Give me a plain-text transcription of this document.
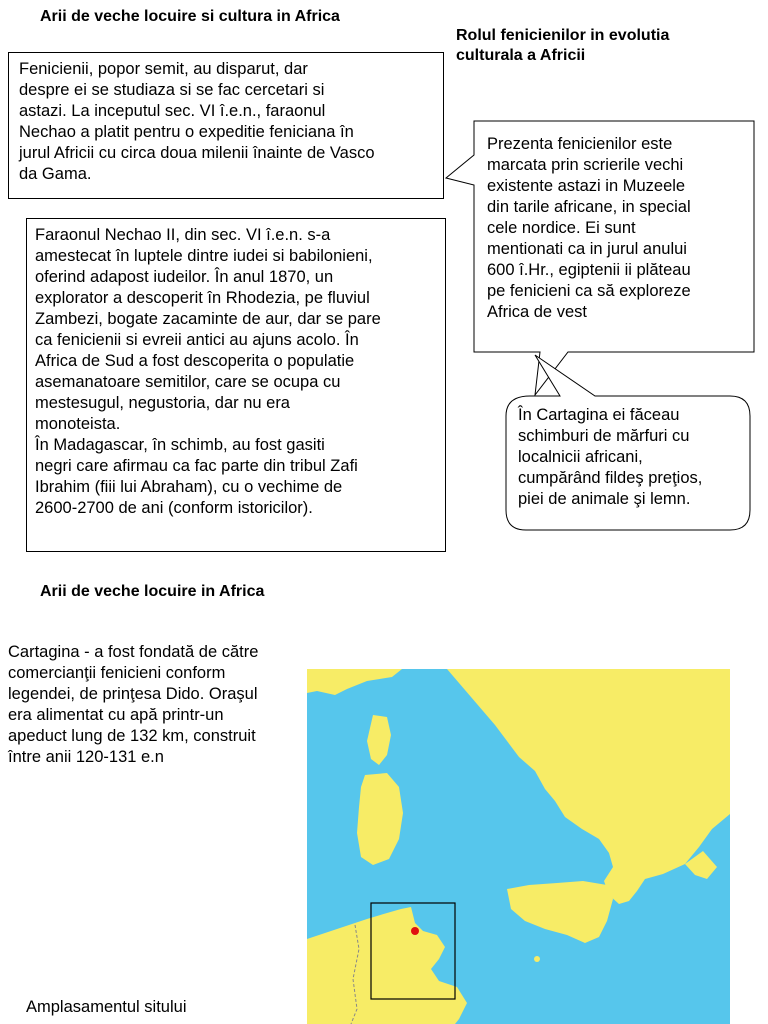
Arii de veche locuire si cultura in Africa
Rolul fenicienilor in evolutia
culturala a Africii
Fenicienii, popor semit, au disparut, dar
despre ei se studiaza si se fac cercetari si
astazi. La inceputul sec. VI î.e.n., faraonul
Nechao a platit pentru o expeditie feniciana în
jurul Africii cu circa doua milenii înainte de Vasco
da Gama.
Faraonul Nechao II, din sec. VI î.e.n. s-a
amestecat în luptele dintre iudei si babilonieni,
oferind adapost iudeilor. În anul 1870, un
explorator a descoperit în Rhodezia, pe fluviul
Zambezi, bogate zacaminte de aur, dar se pare
ca fenicienii si evreii antici au ajuns acolo. În
Africa de Sud a fost descoperita o populatie
asemanatoare semitilor, care se ocupa cu
mestesugul, negustoria, dar nu era
monoteista.
În Madagascar, în schimb, au fost gasiti
negri care afirmau ca fac parte din tribul Zafi
Ibrahim (fiii lui Abraham), cu o vechime de
2600-2700 de ani (conform istoricilor).
Prezenta fenicienilor este
marcata prin scrierile vechi
existente astazi in Muzeele
din tarile africane, in special
cele nordice. Ei sunt
mentionati ca in jurul anului
600 î.Hr., egiptenii ii plăteau
pe fenicieni ca să exploreze
Africa de vest
În Cartagina ei făceau
schimburi de mărfuri cu
localnicii africani,
cumpărând fildeş preţios,
piei de animale şi lemn.
Arii de veche locuire in Africa
Cartagina - a fost fondată de către
comercianţii fenicieni conform
legendei, de prinţesa Dido. Oraşul
era alimentat cu apă printr-un
apeduct lung de 132 km, construit
între anii 120-131 e.n
Amplasamentul sitului
